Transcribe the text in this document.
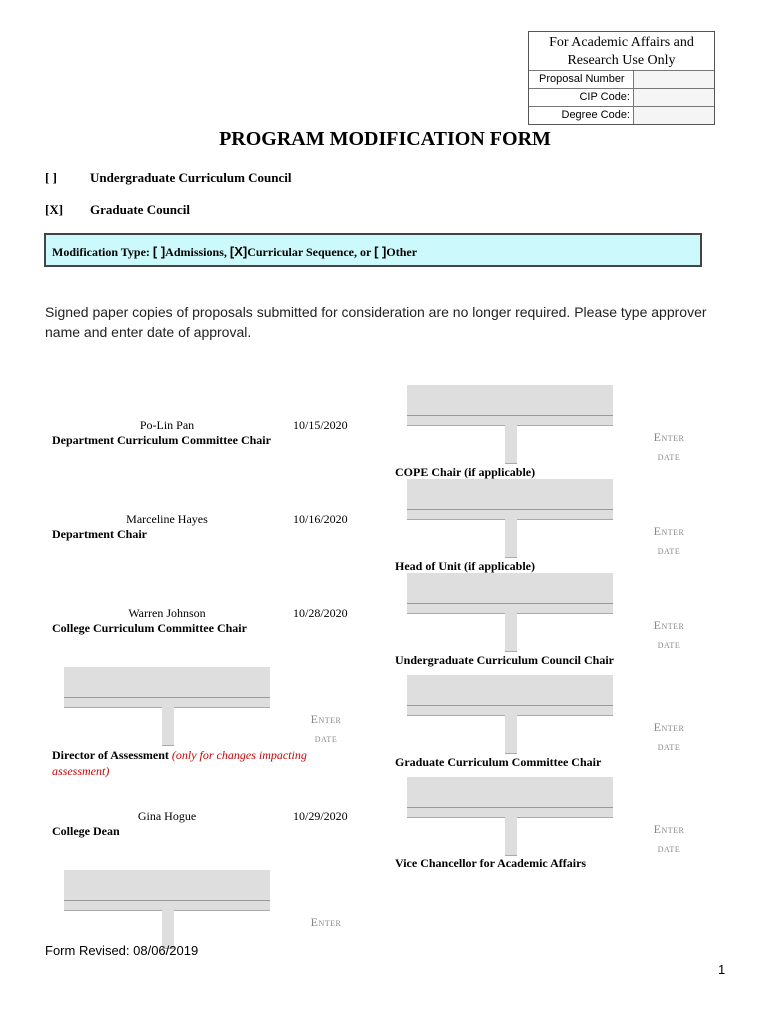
For Academic Affairs and Research Use Only
Proposal Number
CIP Code:
Degree Code:
PROGRAM MODIFICATION FORM
[ ]	Undergraduate Curriculum Council
[X] Graduate Council
Modification Type: [ ]Admissions, [X]Curricular Sequence, or [ ]Other
Signed paper copies of proposals submitted for consideration are no longer required. Please type approver name and enter date of approval.
Po-Lin Pan	10/15/2020
Department Curriculum Committee Chair
Marceline Hayes	10/16/2020
Department Chair
Warren Johnson	10/28/2020
College Curriculum Committee Chair
Enter
date
Director of Assessment (only for changes impacting assessment)
Gina Hogue	10/29/2020
College Dean
Enter
Enter
date
COPE Chair (if applicable)
Enter
date
Head of Unit (if applicable)
Enter
date
Undergraduate Curriculum Council Chair
Enter
date
Graduate Curriculum Committee Chair
Enter
date
Vice Chancellor for Academic Affairs
Form Revised: 08/06/2019
1
